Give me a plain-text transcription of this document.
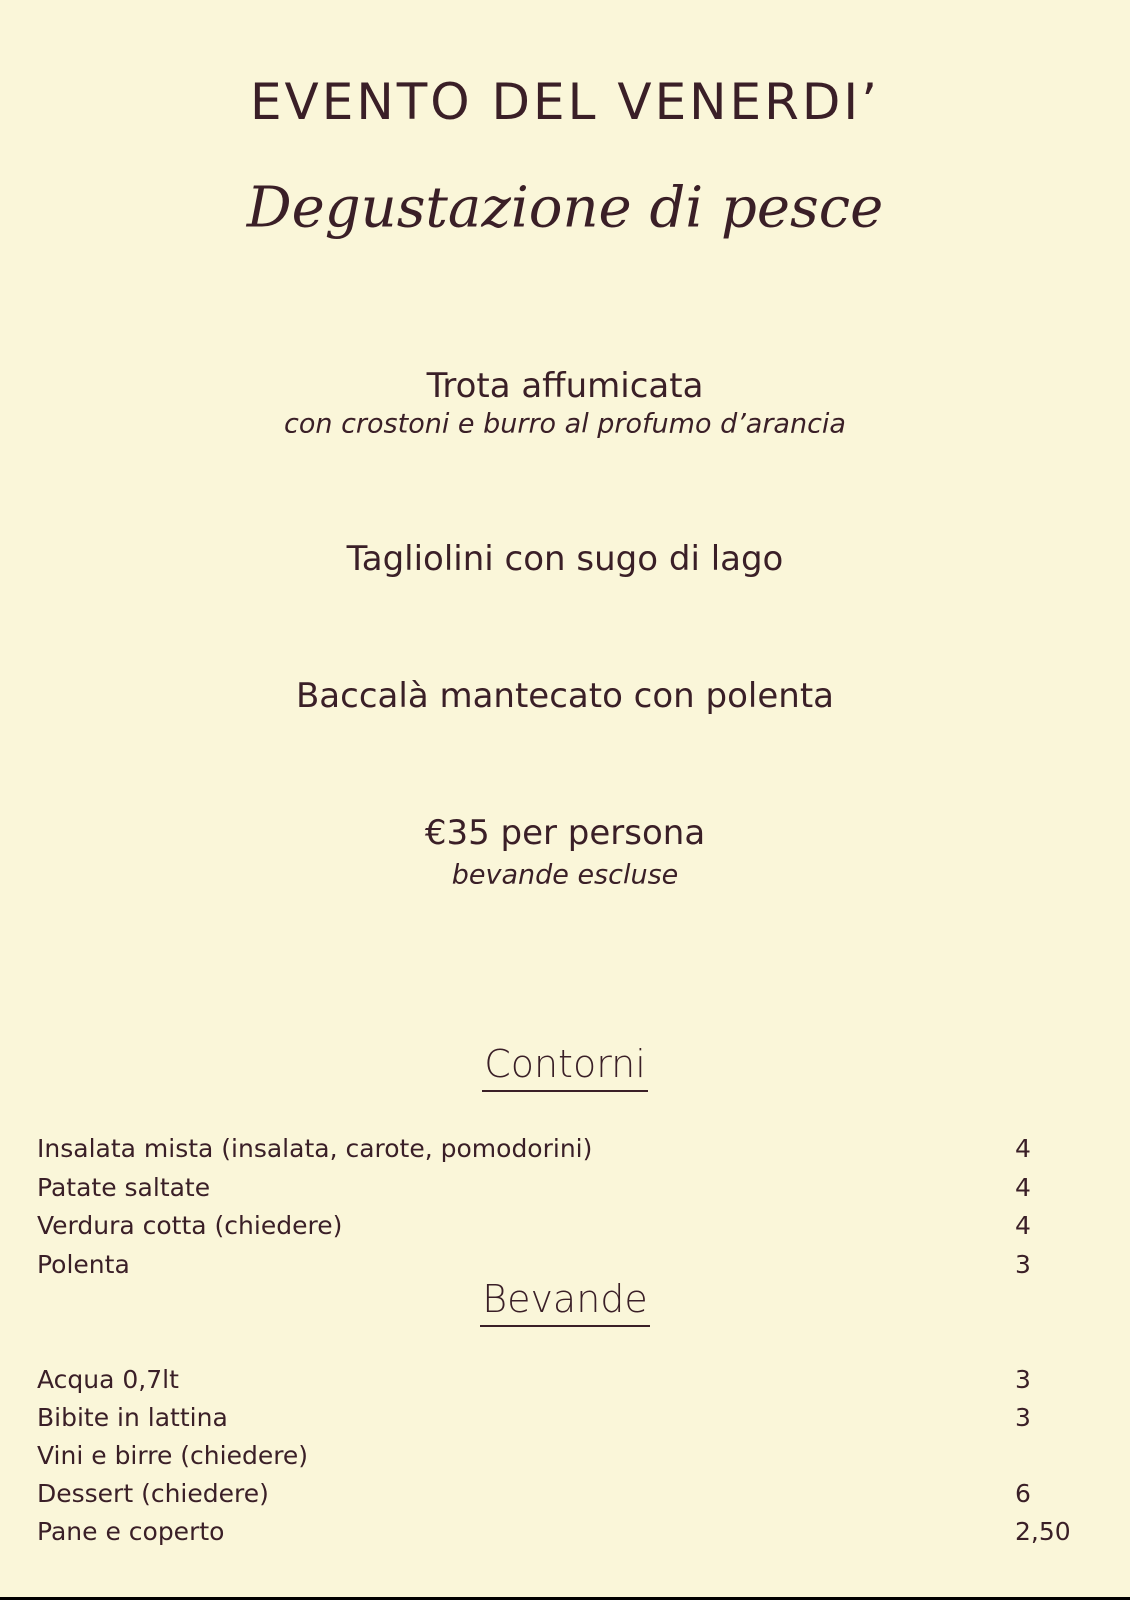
EVENTO DEL VENERDI’
Degustazione di pesce
Trota affumicata
con crostoni e burro al profumo d’arancia
Tagliolini con sugo di lago
Baccalà mantecato con polenta
€35 per persona
bevande escluse
Contorni
Insalata mista (insalata, carote, pomodorini)	4
Patate saltate	4
Verdura cotta (chiedere)	4
Polenta	3
Bevande
Acqua 0,7lt	3
Bibite in lattina	3
Vini e birre (chiedere)
Dessert (chiedere)	6
Pane e coperto	2,50
